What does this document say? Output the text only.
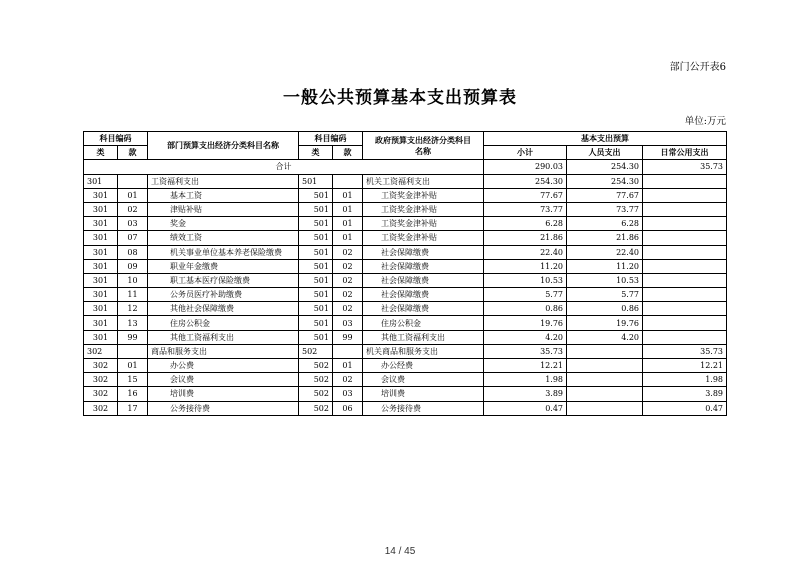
部门公开表6
一般公共预算基本支出预算表
单位:万元
科目编码		部门预算支出经济分类科目名称	科目编码		政府预算支出经济分类科目
名称	基本支出预算		
类	款		类	款		小计	人员支出	日常公用支出
合计						290.03	254.30	35.73
301		工资福利支出	501		机关工资福利支出	254.30	254.30	
301	01	基本工资	501	01	工资奖金津补贴	77.67	77.67	
301	02	津贴补贴	501	01	工资奖金津补贴	73.77	73.77	
301	03	奖金	501	01	工资奖金津补贴	6.28	6.28	
301	07	绩效工资	501	01	工资奖金津补贴	21.86	21.86	
301	08	机关事业单位基本养老保险缴费	501	02	社会保障缴费	22.40	22.40	
301	09	职业年金缴费	501	02	社会保障缴费	11.20	11.20	
301	10	职工基本医疗保险缴费	501	02	社会保障缴费	10.53	10.53	
301	11	公务员医疗补助缴费	501	02	社会保障缴费	5.77	5.77	
301	12	其他社会保障缴费	501	02	社会保障缴费	0.86	0.86	
301	13	住房公积金	501	03	住房公积金	19.76	19.76	
301	99	其他工资福利支出	501	99	其他工资福利支出	4.20	4.20	
302		商品和服务支出	502		机关商品和服务支出	35.73		35.73
302	01	办公费	502	01	办公经费	12.21		12.21
302	15	会议费	502	02	会议费	1.98		1.98
302	16	培训费	502	03	培训费	3.89		3.89
302	17	公务接待费	502	06	公务接待费	0.47		0.47
14 / 45
